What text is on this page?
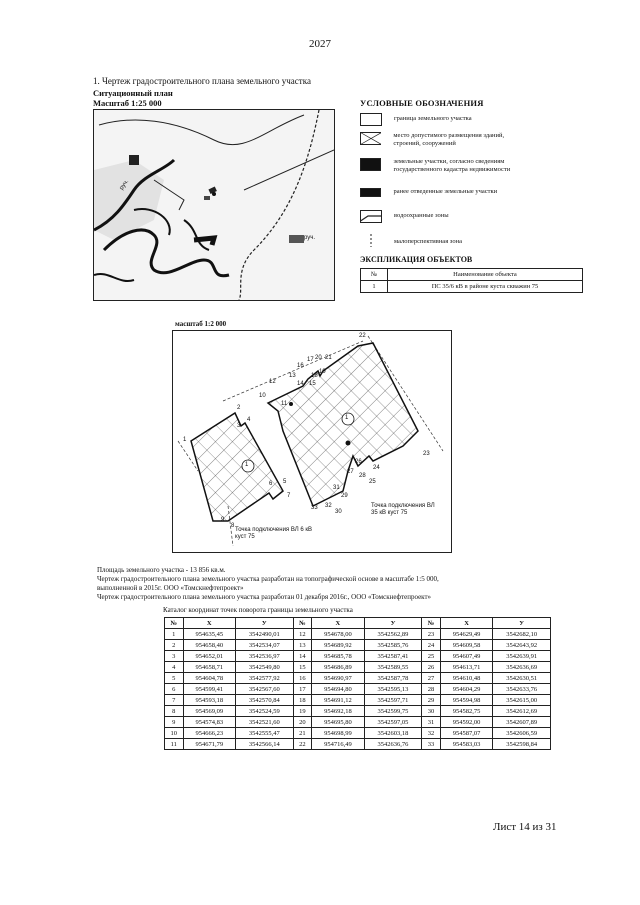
2027
1. Чертеж градостроительного плана земельного участка
Ситуационный план
Масштаб 1:25 000
руч.
руч.
УСЛОВНЫЕ ОБОЗНАЧЕНИЯ
граница земельного участка
место допустимого размещения зданий, строений, сооружений
земельные участки, согласно сведениям государственного кадастра недвижимости
ранее отведенные земельные участки
водоохранные зоны
малоперспективная зона
ЭКСПЛИКАЦИЯ ОБЪЕКТОВ
№	Наименование объекта
1	ПС 35/6 кВ в районе куста скважин 75
масштаб 1:2 000
1
2
3
4
5
6
7
8
9
10
11
12
13
14 15
16
17
18
19
20 21
22
23
24
25
26
27
28
29
30
31
32
33
1
1
Точка подключения ВЛ 6 кВ куст 75
Точка подключения ВЛ 35 кВ куст 75
Площадь земельного участка - 13 856 кв.м.
Чертеж градостроительного плана земельного участка разработан на топографической основе в масштабе 1:5 000,
выполненной в 2015г. ООО «Томскнефтепроект»
Чертеж градостроительного плана земельного участка разработан 01 декабря 2016г., ООО «Томскнефтепроект»
Каталог координат точек поворота границы земельного участка
№	X	У	№	X	У	№	X	У
1	954635,45	3542490,01	12	954678,00	3542562,89	23	954629,49	3542682,10
2	954658,40	3542534,07	13	954689,92	3542585,76	24	954609,58	3542643,92
3	954652,01	3542536,97	14	954685,78	3542587,41	25	954607,49	3542639,91
4	954658,71	3542549,80	15	954686,89	3542589,55	26	954613,71	3542636,69
5	954604,78	3542577,92	16	954690,97	3542587,78	27	954610,48	3542630,51
6	954599,41	3542567,60	17	954694,80	3542595,13	28	954604,29	3542633,76
7	954593,18	3542570,84	18	954691,12	3542597,71	29	954594,98	3542615,00
8	954569,09	3542524,59	19	954692,18	3542599,75	30	954582,75	3542612,69
9	954574,83	3542521,60	20	954695,80	3542597,05	31	954592,00	3542607,89
10	954666,23	3542555,47	21	954698,99	3542603,18	32	954587,07	3542606,59
11	954671,79	3542566,14	22	954716,49	3542636,76	33	954583,03	3542598,84
Лист 14 из 31
